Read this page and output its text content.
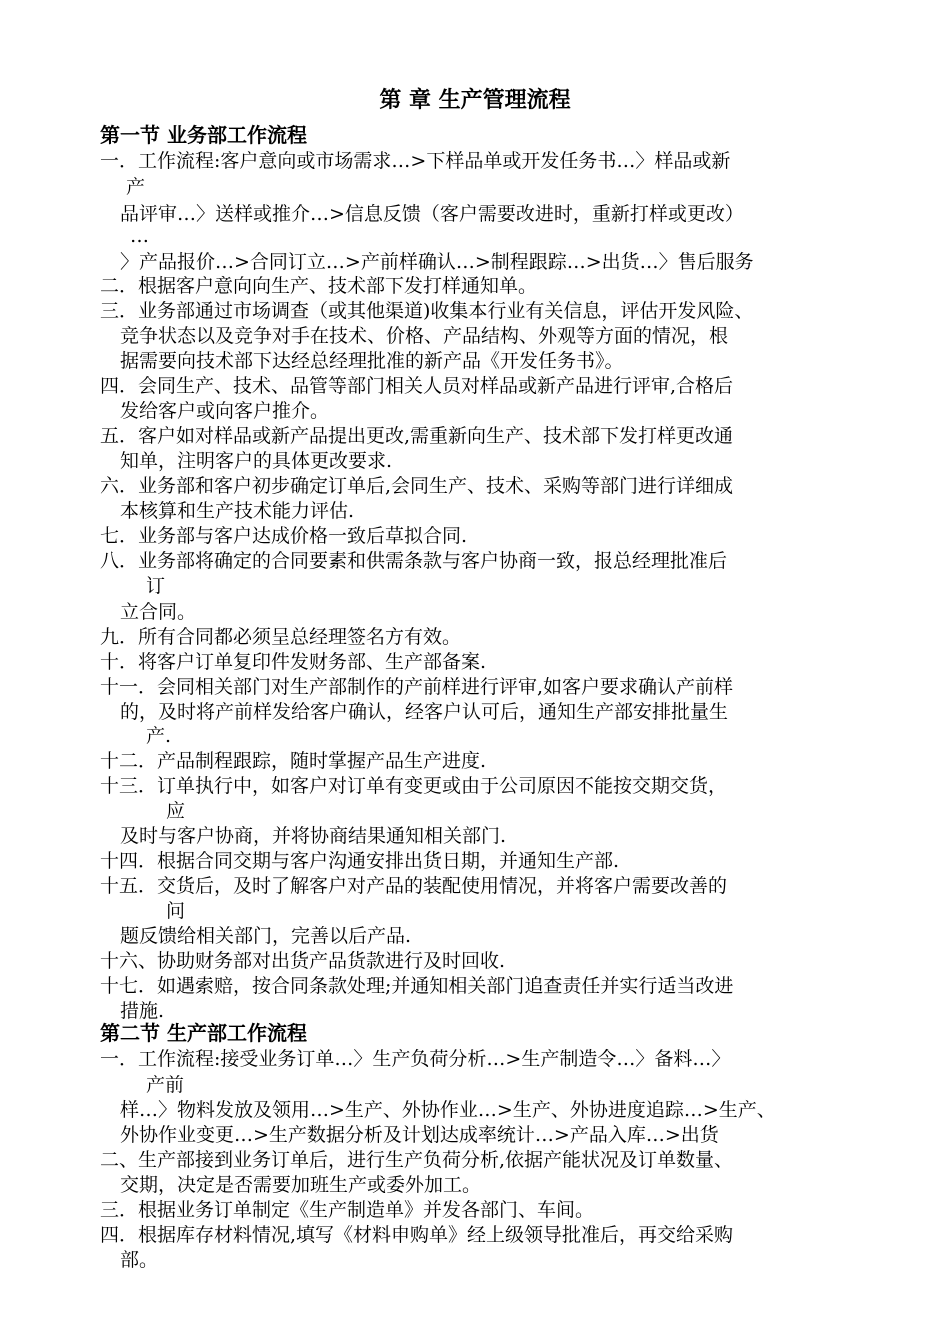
第 章 生产管理流程
第一节 业务部工作流程
一．工作流程:客户意向或市场需求…>下样品单或开发任务书…〉样品或新
产
品评审…〉送样或推介…>信息反馈（客户需要改进时，重新打样或更改）
…
〉产品报价…>合同订立…>产前样确认…>制程跟踪…>出货…〉售后服务
二．根据客户意向向生产、技术部下发打样通知单。
三．业务部通过市场调查（或其他渠道)收集本行业有关信息，评估开发风险、
竞争状态以及竞争对手在技术、价格、产品结构、外观等方面的情况，根
据需要向技术部下达经总经理批准的新产品《开发任务书》。
四．会同生产、技术、品管等部门相关人员对样品或新产品进行评审,合格后
发给客户或向客户推介。
五．客户如对样品或新产品提出更改,需重新向生产、技术部下发打样更改通
知单，注明客户的具体更改要求.
六．业务部和客户初步确定订单后,会同生产、技术、采购等部门进行详细成
本核算和生产技术能力评估.
七．业务部与客户达成价格一致后草拟合同.
八．业务部将确定的合同要素和供需条款与客户协商一致，报总经理批准后
订
立合同。
九．所有合同都必须呈总经理签名方有效。
十．将客户订单复印件发财务部、生产部备案.
十一．会同相关部门对生产部制作的产前样进行评审,如客户要求确认产前样
的，及时将产前样发给客户确认，经客户认可后，通知生产部安排批量生
产.
十二．产品制程跟踪，随时掌握产品生产进度.
十三．订单执行中，如客户对订单有变更或由于公司原因不能按交期交货，
应
及时与客户协商，并将协商结果通知相关部门.
十四．根据合同交期与客户沟通安排出货日期，并通知生产部.
十五．交货后，及时了解客户对产品的装配使用情况，并将客户需要改善的
问
题反馈给相关部门，完善以后产品.
十六、协助财务部对出货产品货款进行及时回收.
十七．如遇索赔，按合同条款处理;并通知相关部门追查责任并实行适当改进
措施.
第二节 生产部工作流程
一．工作流程:接受业务订单…〉生产负荷分析…>生产制造令…〉备料…〉
产前
样…〉物料发放及领用…>生产、外协作业…>生产、外协进度追踪…>生产、
外协作业变更…>生产数据分析及计划达成率统计…>产品入库…>出货
二、生产部接到业务订单后，进行生产负荷分析,依据产能状况及订单数量、
交期，决定是否需要加班生产或委外加工。
三．根据业务订单制定《生产制造单》并发各部门、车间。
四．根据库存材料情况,填写《材料申购单》经上级领导批准后，再交给采购
部。
